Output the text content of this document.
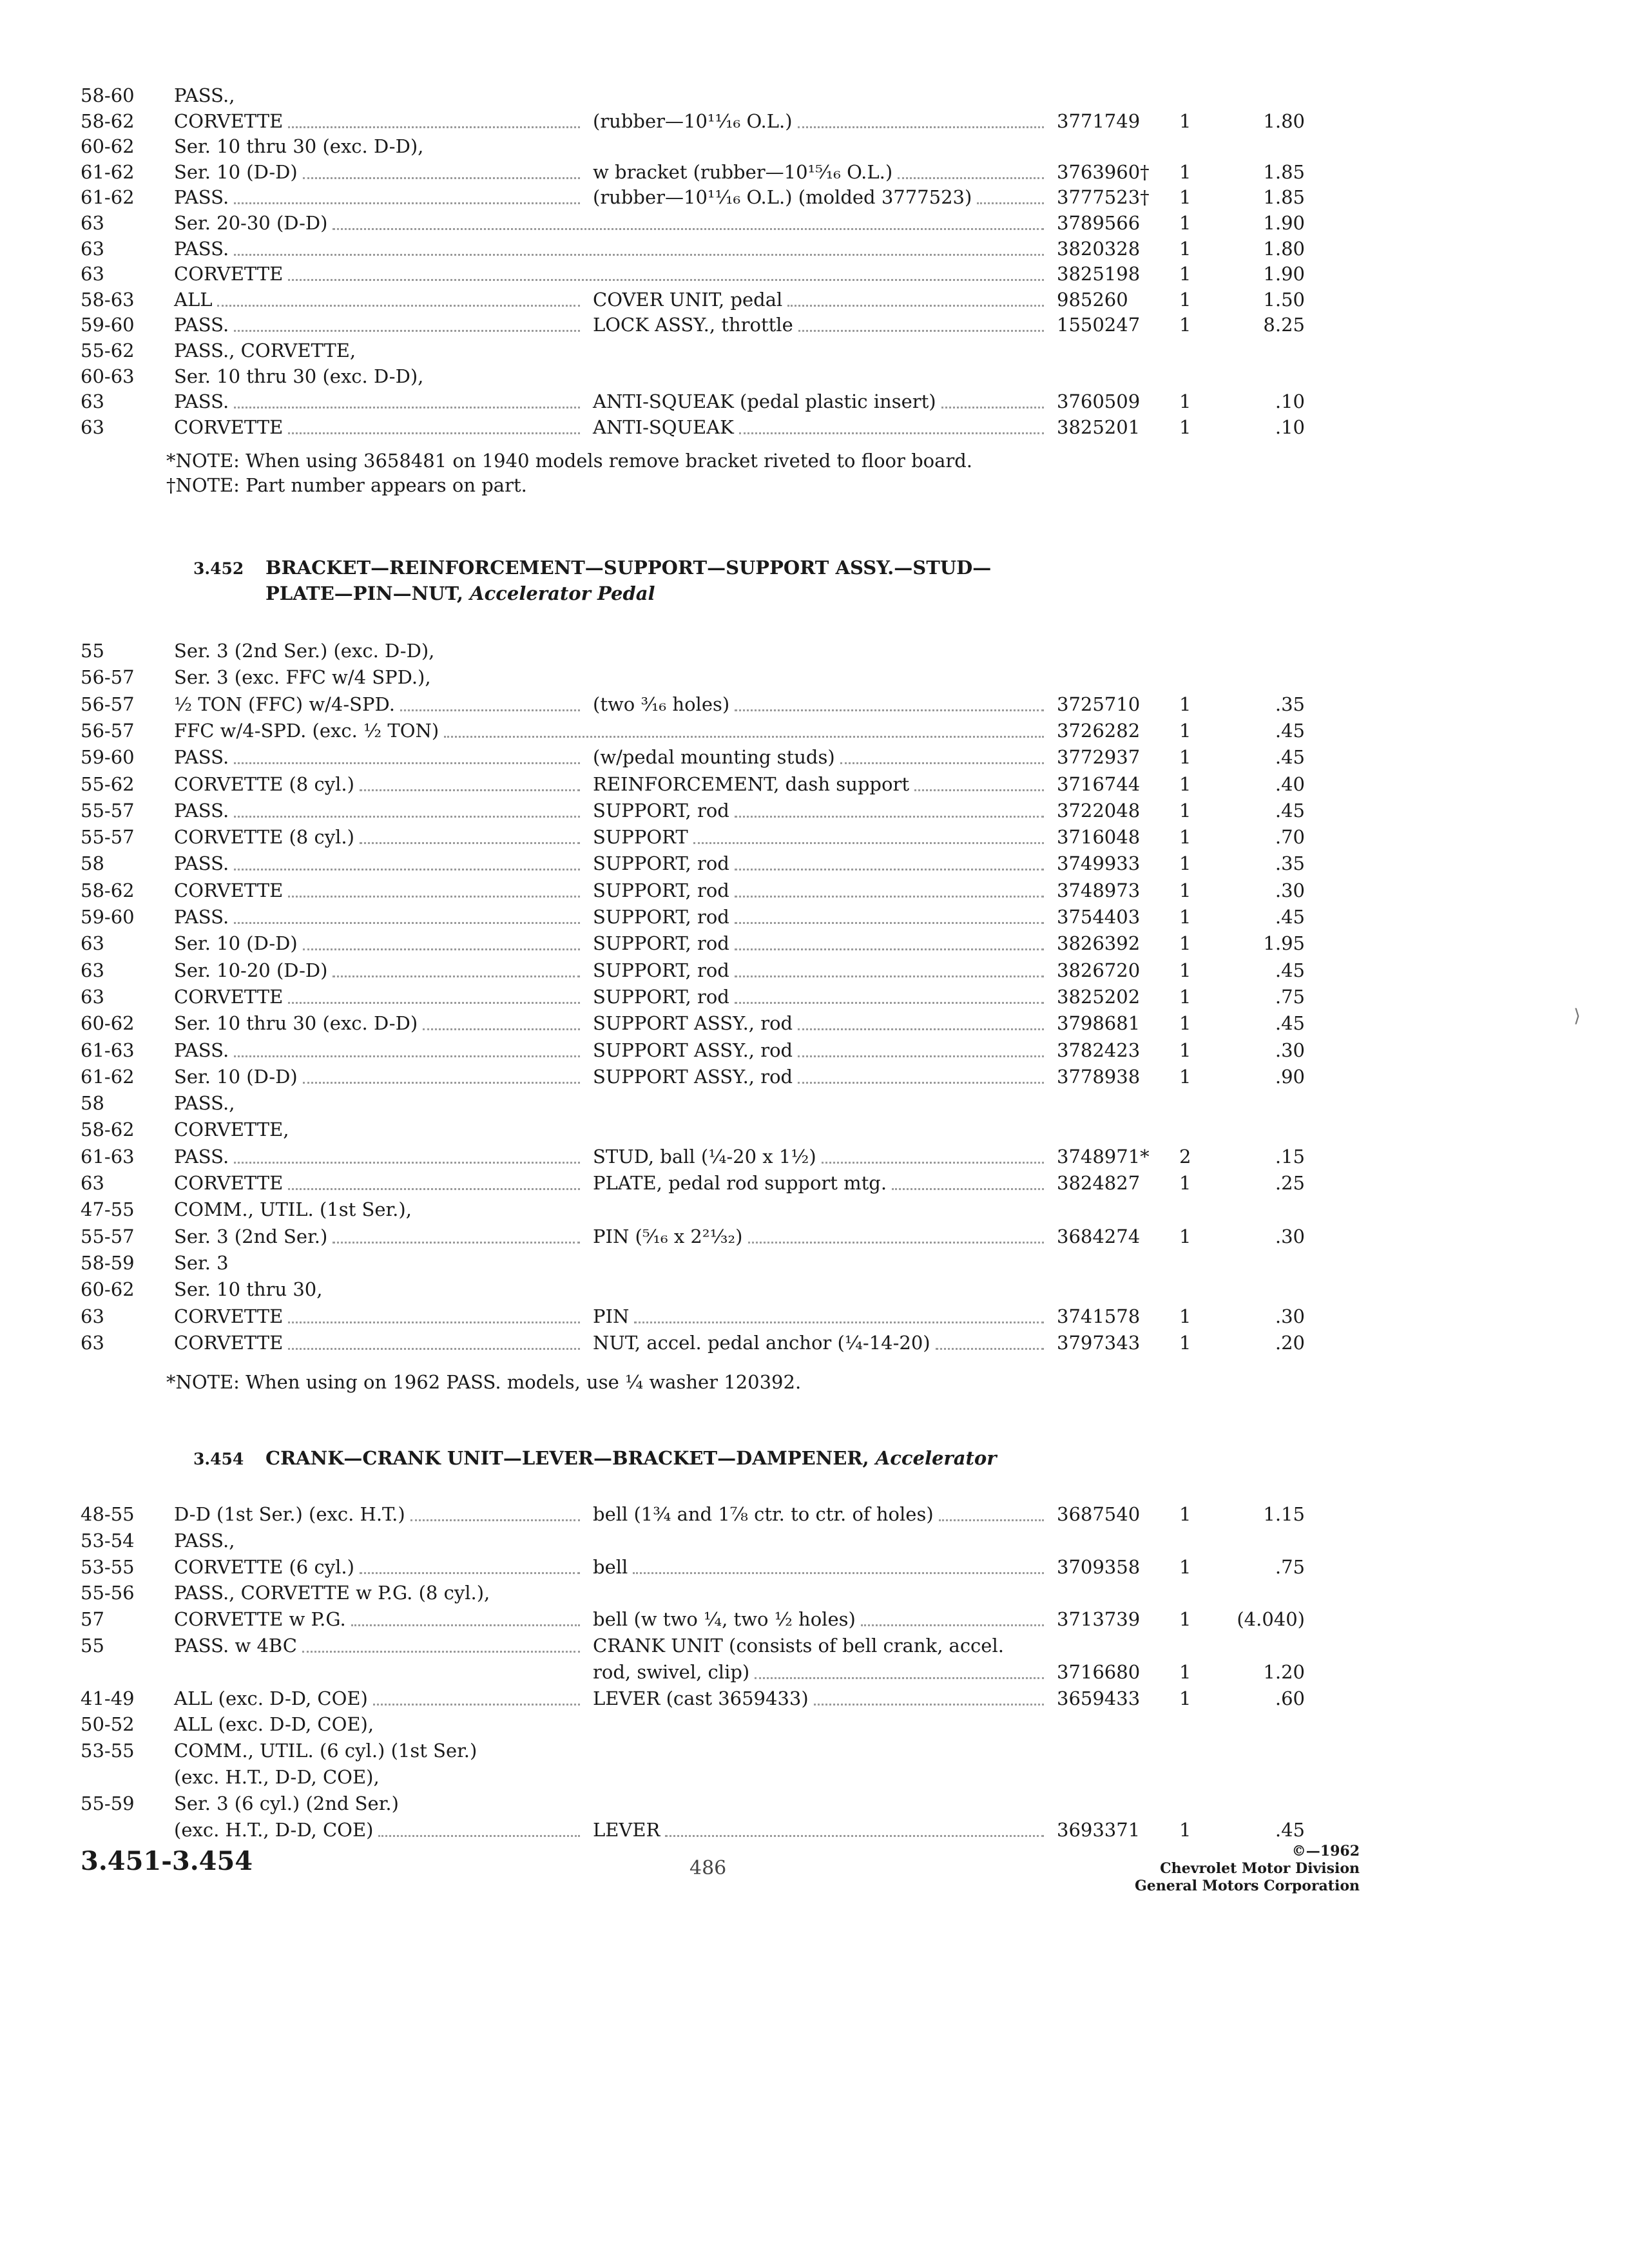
58-60 PASS.,
58-62 CORVETTE	(rubber—10¹¹⁄₁₆ O.L.)	3771749 1	1.80
60-62 Ser. 10 thru 30 (exc. D-D),
61-62 Ser. 10 (D-D)	w bracket (rubber—10¹⁵⁄₁₆ O.L.)	3763960† 1	1.85
61-62 PASS.	(rubber—10¹¹⁄₁₆ O.L.) (molded 3777523)	3777523† 1	1.85
63	Ser. 20-30 (D-D)	3789566 1	1.90
63	PASS.	3820328 1	1.80
63	CORVETTE	3825198 1	1.90
58-63 ALL	COVER UNIT, pedal	985260	1	1.50
59-60 PASS.	LOCK ASSY., throttle	1550247 1	8.25
55-62 PASS., CORVETTE,
60-63 Ser. 10 thru 30 (exc. D-D),
63	PASS.	ANTI-SQUEAK (pedal plastic insert)	3760509 1	.10
63	CORVETTE	ANTI-SQUEAK	3825201 1	.10
*NOTE: When using 3658481 on 1940 models remove bracket riveted to floor board.
†NOTE: Part number appears on part.
3.452 BRACKET—REINFORCEMENT—SUPPORT—SUPPORT ASSY.—STUD—
PLATE—PIN—NUT, Accelerator Pedal
55	Ser. 3 (2nd Ser.) (exc. D-D),
56-57 Ser. 3 (exc. FFC w/4 SPD.),
56-57 ½ TON (FFC) w/4-SPD.	(two ³⁄₁₆ holes)	3725710 1	.35
56-57 FFC w/4-SPD. (exc. ½ TON)	3726282 1	.45
59-60 PASS.	(w/pedal mounting studs)	3772937 1	.45
55-62 CORVETTE (8 cyl.)	REINFORCEMENT, dash support	3716744 1	.40
55-57 PASS.	SUPPORT, rod	3722048 1	.45
55-57 CORVETTE (8 cyl.)	SUPPORT	3716048 1	.70
58	PASS.	SUPPORT, rod	3749933 1	.35
58-62 CORVETTE	SUPPORT, rod	3748973 1	.30
59-60 PASS.	SUPPORT, rod	3754403 1	.45
63	Ser. 10 (D-D)	SUPPORT, rod	3826392 1	1.95
63	Ser. 10-20 (D-D)	SUPPORT, rod	3826720 1	.45
63	CORVETTE	SUPPORT, rod	3825202 1	.75
60-62 Ser. 10 thru 30 (exc. D-D)	SUPPORT ASSY., rod	3798681 1	.45
61-63 PASS.	SUPPORT ASSY., rod	3782423 1	.30
61-62 Ser. 10 (D-D)	SUPPORT ASSY., rod	3778938 1	.90
58	PASS.,
58-62 CORVETTE,
61-63 PASS.	STUD, ball (¼-20 x 1½)	3748971* 2	.15
63	CORVETTE	PLATE, pedal rod support mtg.	3824827 1	.25
47-55 COMM., UTIL. (1st Ser.),
55-57 Ser. 3 (2nd Ser.)	PIN (⁵⁄₁₆ x 2²¹⁄₃₂)	3684274 1	.30
58-59 Ser. 3
60-62 Ser. 10 thru 30,
63	CORVETTE	PIN	3741578 1	.30
63	CORVETTE	NUT, accel. pedal anchor (¼-14-20)	3797343 1	.20
*NOTE: When using on 1962 PASS. models, use ¼ washer 120392.
3.454 CRANK—CRANK UNIT—LEVER—BRACKET—DAMPENER, Accelerator
48-55 D-D (1st Ser.) (exc. H.T.)	bell (1¾ and 1⅞ ctr. to ctr. of holes)	3687540 1	1.15
53-54 PASS.,
53-55 CORVETTE (6 cyl.)	bell	3709358 1	.75
55-56 PASS., CORVETTE w P.G. (8 cyl.),
57	CORVETTE w P.G.	bell (w two ¼, two ½ holes)	3713739 1 (4.040)
55	PASS. w 4BC	CRANK UNIT (consists of bell crank, accel.
rod, swivel, clip)	3716680 1	1.20
41-49 ALL (exc. D-D, COE)	LEVER (cast 3659433)	3659433 1	.60
50-52 ALL (exc. D-D, COE),
53-55 COMM., UTIL. (6 cyl.) (1st Ser.)
(exc. H.T., D-D, COE),
55-59 Ser. 3 (6 cyl.) (2nd Ser.)
(exc. H.T., D-D, COE)	LEVER	3693371 1	.45
3.451-3.454	486
©—1962
Chevrolet Motor Division
General Motors Corporation
⟩
